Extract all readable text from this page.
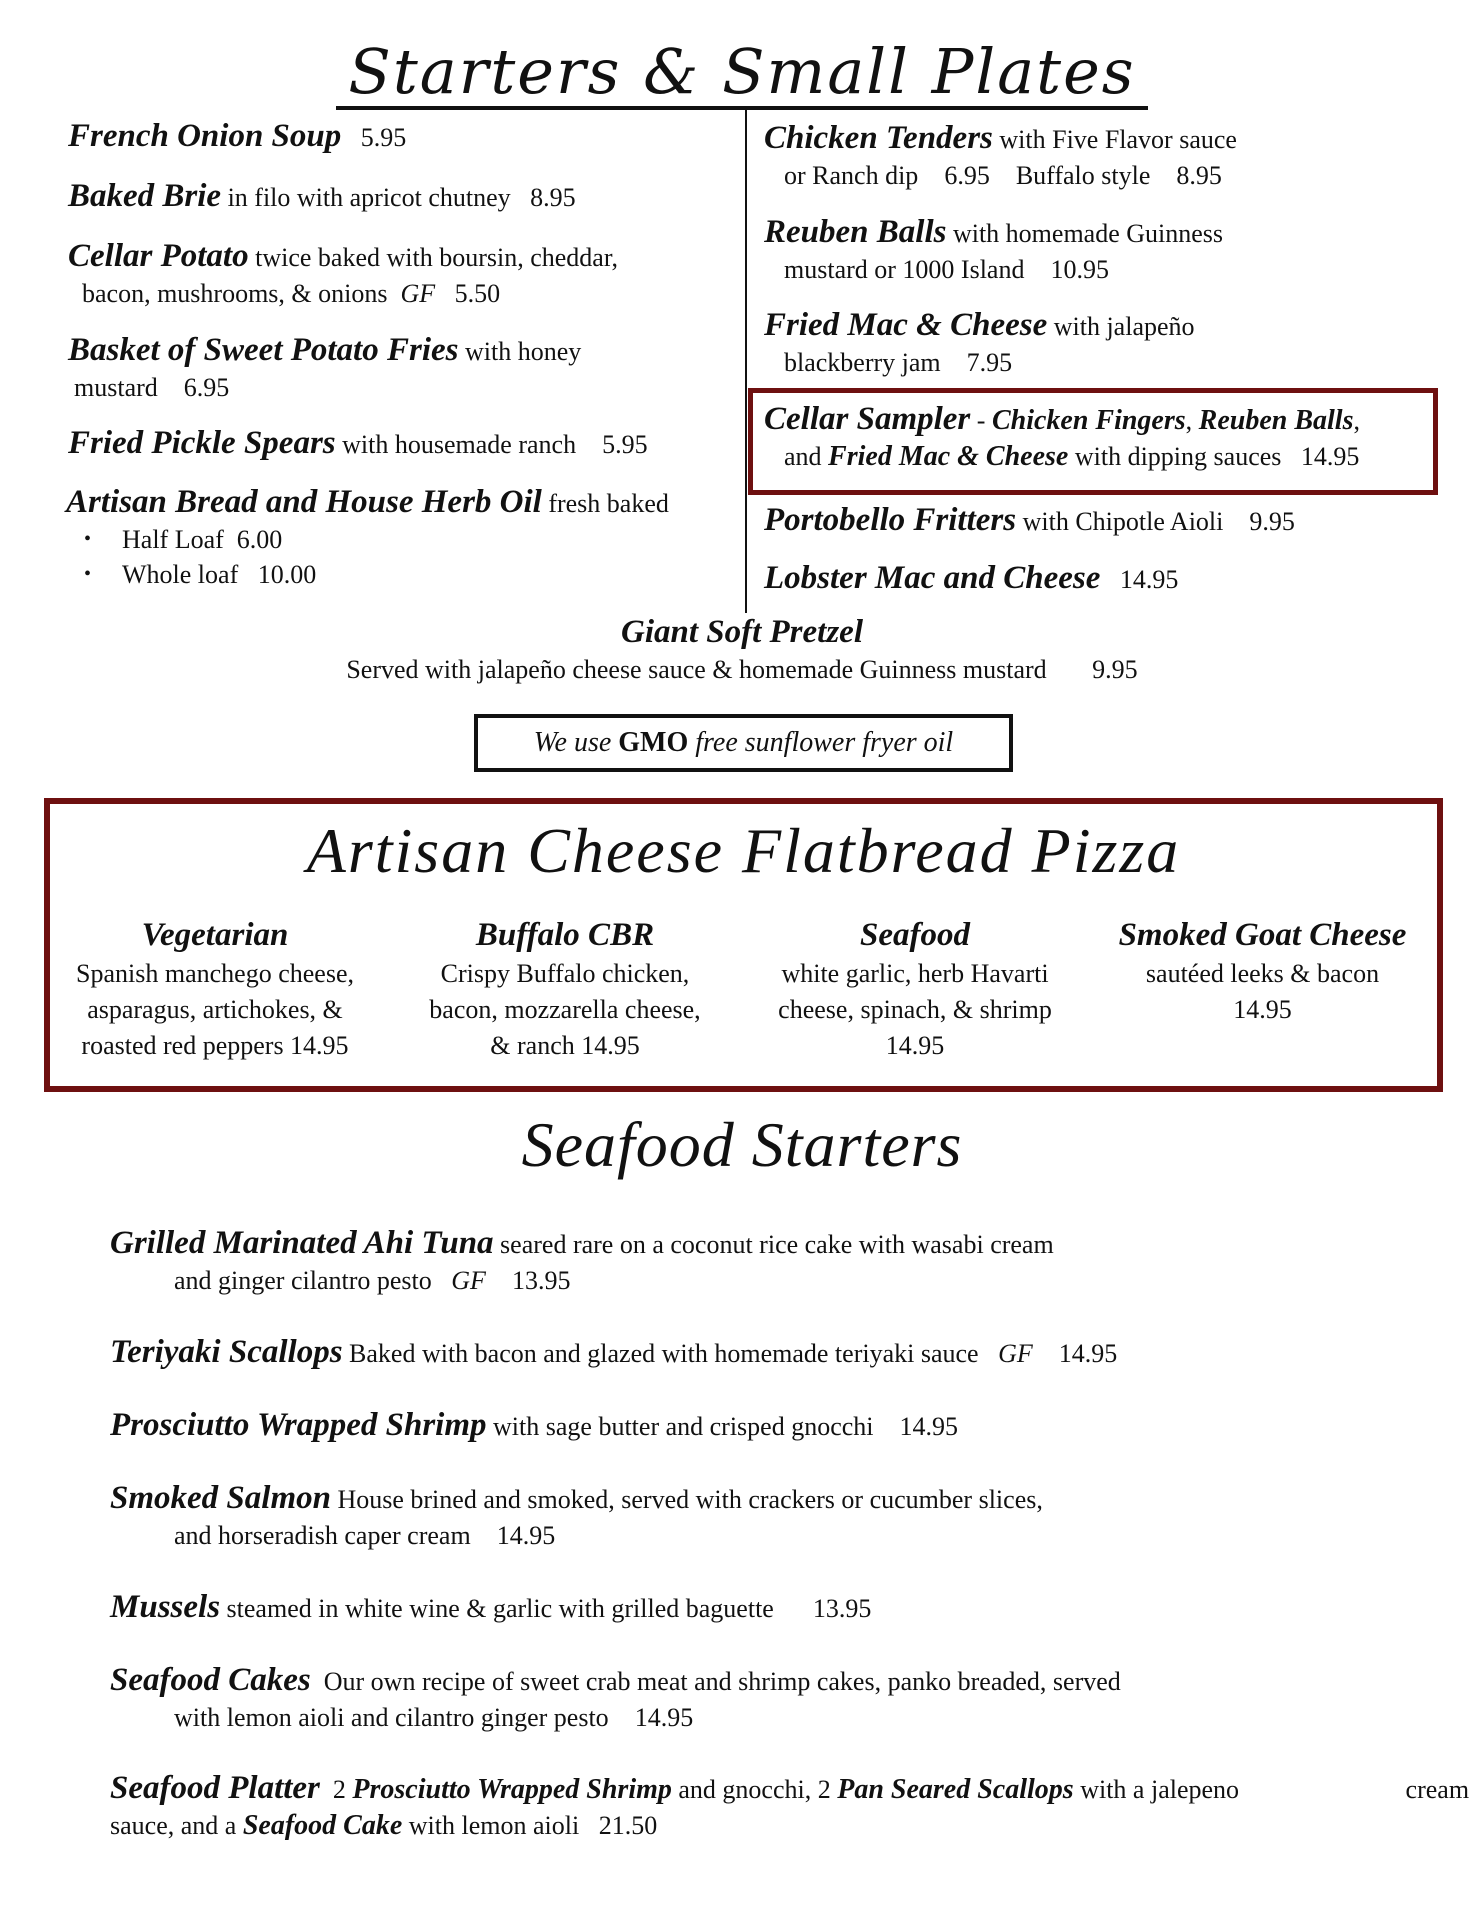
Starters & Small Plates
French Onion Soup 5.95
Baked Brie in filo with apricot chutney 8.95
Cellar Potato twice baked with boursin, cheddar,
bacon, mushrooms, & onions GF 5.50
Basket of Sweet Potato Fries with honey
mustard 6.95
Fried Pickle Spears with housemade ranch 5.95
Artisan Bread and House Herb Oil fresh baked
• Half Loaf 6.00
• Whole loaf 10.00
Chicken Tenders with Five Flavor sauce
or Ranch dip 6.95 Buffalo style 8.95
Reuben Balls with homemade Guinness
mustard or 1000 Island 10.95
Fried Mac & Cheese with jalapeño
blackberry jam 7.95
Cellar Sampler - Chicken Fingers, Reuben Balls,
and Fried Mac & Cheese with dipping sauces 14.95
Portobello Fritters with Chipotle Aioli 9.95
Lobster Mac and Cheese 14.95
Giant Soft Pretzel
Served with jalapeño cheese sauce & homemade Guinness mustard 9.95
We use GMO free sunflower fryer oil
Artisan Cheese Flatbread Pizza
Vegetarian
Spanish manchego cheese,
asparagus, artichokes, &
roasted red peppers 14.95
Buffalo CBR
Crispy Buffalo chicken,
bacon, mozzarella cheese,
& ranch 14.95
Seafood
white garlic, herb Havarti
cheese, spinach, & shrimp
14.95
Smoked Goat Cheese
sautéed leeks & bacon
14.95
Seafood Starters
Grilled Marinated Ahi Tuna seared rare on a coconut rice cake with wasabi cream
and ginger cilantro pesto GF 13.95
Teriyaki Scallops Baked with bacon and glazed with homemade teriyaki sauce GF 14.95
Prosciutto Wrapped Shrimp with sage butter and crisped gnocchi 14.95
Smoked Salmon House brined and smoked, served with crackers or cucumber slices,
and horseradish caper cream 14.95
Mussels steamed in white wine & garlic with grilled baguette 13.95
Seafood Cakes Our own recipe of sweet crab meat and shrimp cakes, panko breaded, served
with lemon aioli and cilantro ginger pesto 14.95
Seafood Platter 2 Prosciutto Wrapped Shrimp and gnocchi, 2 Pan Seared Scallops with a jalepeno	cream sauce, and a Seafood Cake with lemon aioli 21.50
